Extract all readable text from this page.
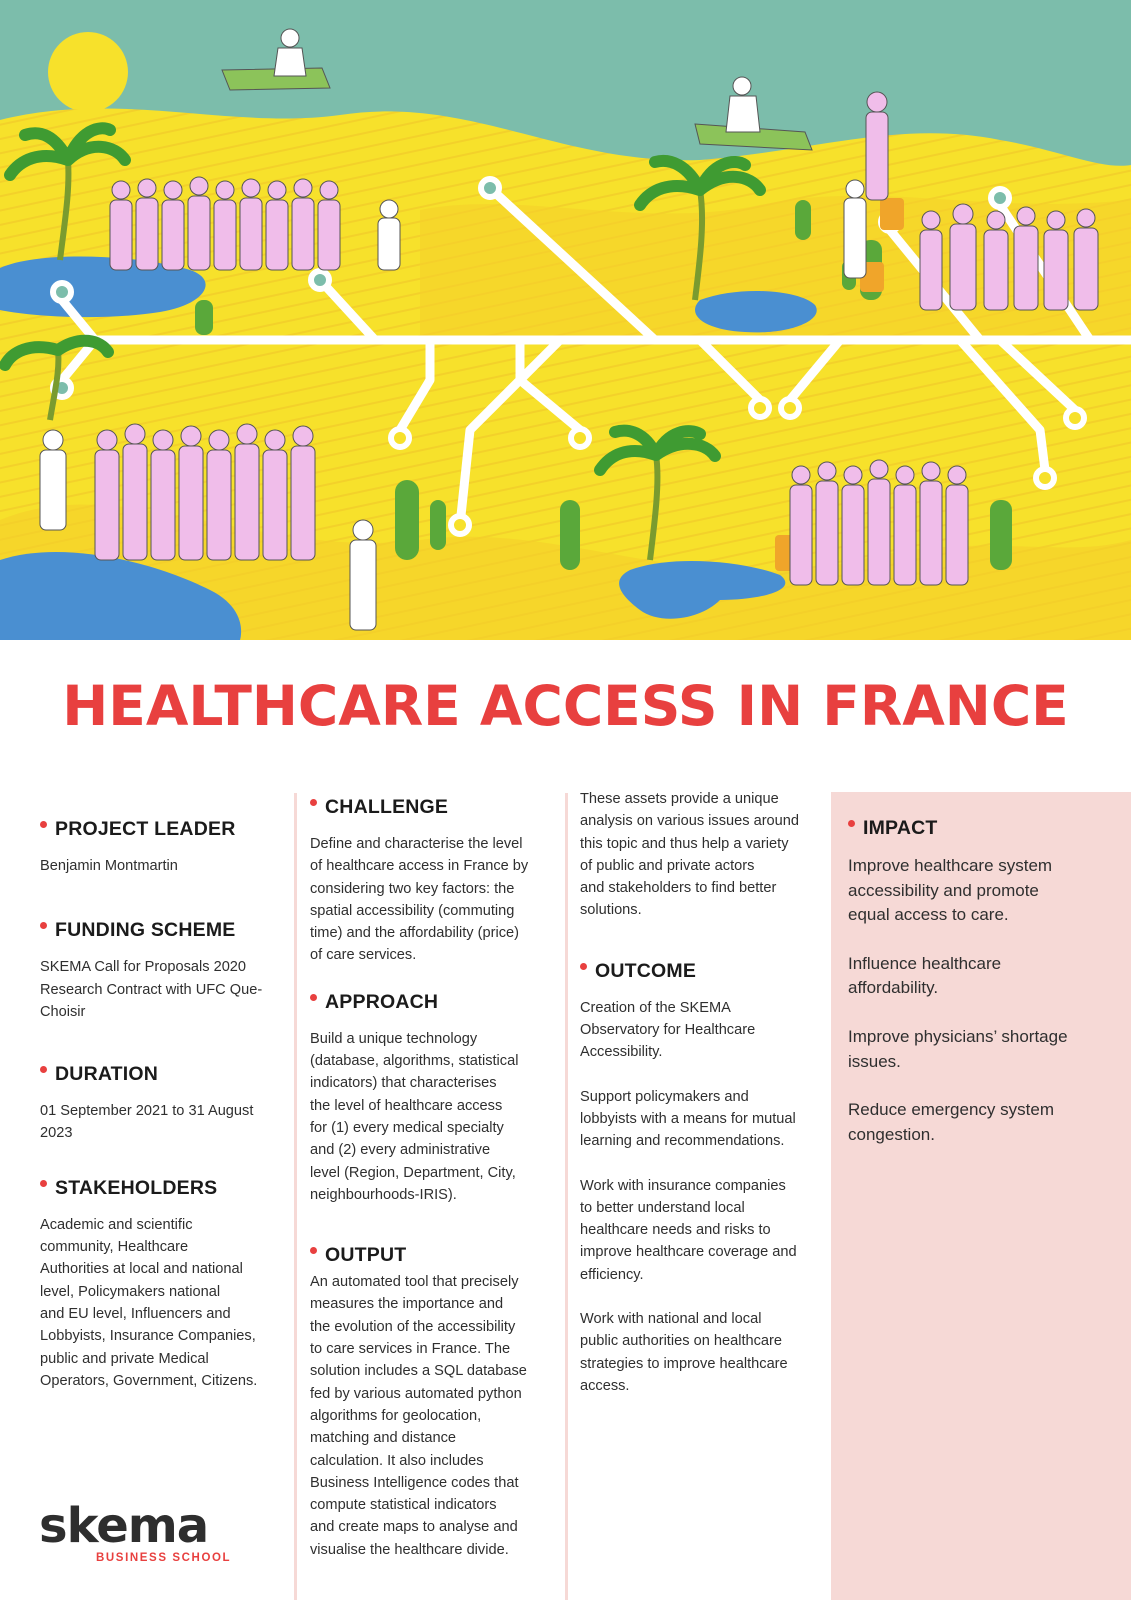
HEALTHCARE ACCESS IN FRANCE
PROJECT LEADER

Benjamin Montmartin

FUNDING SCHEME

SKEMA Call for Proposals 2020
Research Contract with UFC Que-
Choisir

DURATION

01 September 2021 to 31 August
2023

STAKEHOLDERS

Academic and scientific
community, Healthcare
Authorities at local and national
level, Policymakers national
and EU level, Influencers and
Lobbyists, Insurance Companies,
public and private Medical
Operators, Government, Citizens.

CHALLENGE

Define and characterise the level
of healthcare access in France by
considering two key factors: the
spatial accessibility (commuting
time) and the affordability (price)
of care services.

APPROACH

Build a unique technology
(database, algorithms, statistical
indicators) that characterises
the level of healthcare access
for (1) every medical specialty
and (2) every administrative
level (Region, Department, City,
neighbourhoods-IRIS).

OUTPUT

An automated tool that precisely
measures the importance and
the evolution of the accessibility
to care services in France. The
solution includes a SQL database
fed by various automated python
algorithms for geolocation,
matching and distance
calculation. It also includes
Business Intelligence codes that
compute statistical indicators
and create maps to analyse and
visualise the healthcare divide.

These assets provide a unique
analysis on various issues around
this topic and thus help a variety
of public and private actors
and stakeholders to find better
solutions.

OUTCOME

Creation of the SKEMA
Observatory for Healthcare
Accessibility.

Support policymakers and
lobbyists with a means for mutual
learning and recommendations.

Work with insurance companies
to better understand local
healthcare needs and risks to
improve healthcare coverage and
efficiency.

Work with national and local
public authorities on healthcare
strategies to improve healthcare
access.

IMPACT

Improve healthcare system
accessibility and promote
equal access to care.

Influence healthcare
affordability.

Improve physicians’ shortage
issues.

Reduce emergency system
congestion.

skema
BUSINESS SCHOOL
